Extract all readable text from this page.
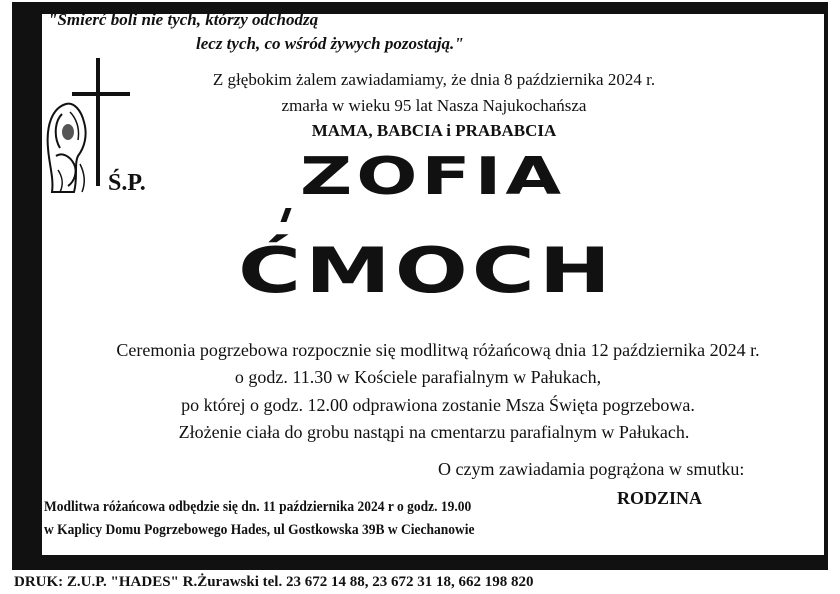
"Śmierć boli nie tych, którzy odchodzą
lecz tych, co wśród żywych pozostają."
Ś.P.
Z głębokim żalem zawiadamiamy, że dnia 8 października 2024 r.
zmarła w wieku 95 lat Nasza Najukochańsza
MAMA, BABCIA i PRABABCIA
ZOFIA
ĆMOCH
Ceremonia pogrzebowa rozpocznie się modlitwą różańcową dnia 12 października 2024 r.
o godz. 11.30 w Kościele parafialnym w Pałukach,
po której o godz. 12.00 odprawiona zostanie Msza Święta pogrzebowa.
Złożenie ciała do grobu nastąpi na cmentarzu parafialnym w Pałukach.
O czym zawiadamia pogrążona w smutku:
RODZINA
Modlitwa różańcowa odbędzie się dn. 11 października 2024 r o godz. 19.00
w Kaplicy Domu Pogrzebowego Hades, ul Gostkowska 39B w Ciechanowie
DRUK: Z.U.P. "HADES" R.Żurawski tel. 23 672 14 88, 23 672 31 18, 662 198 820
